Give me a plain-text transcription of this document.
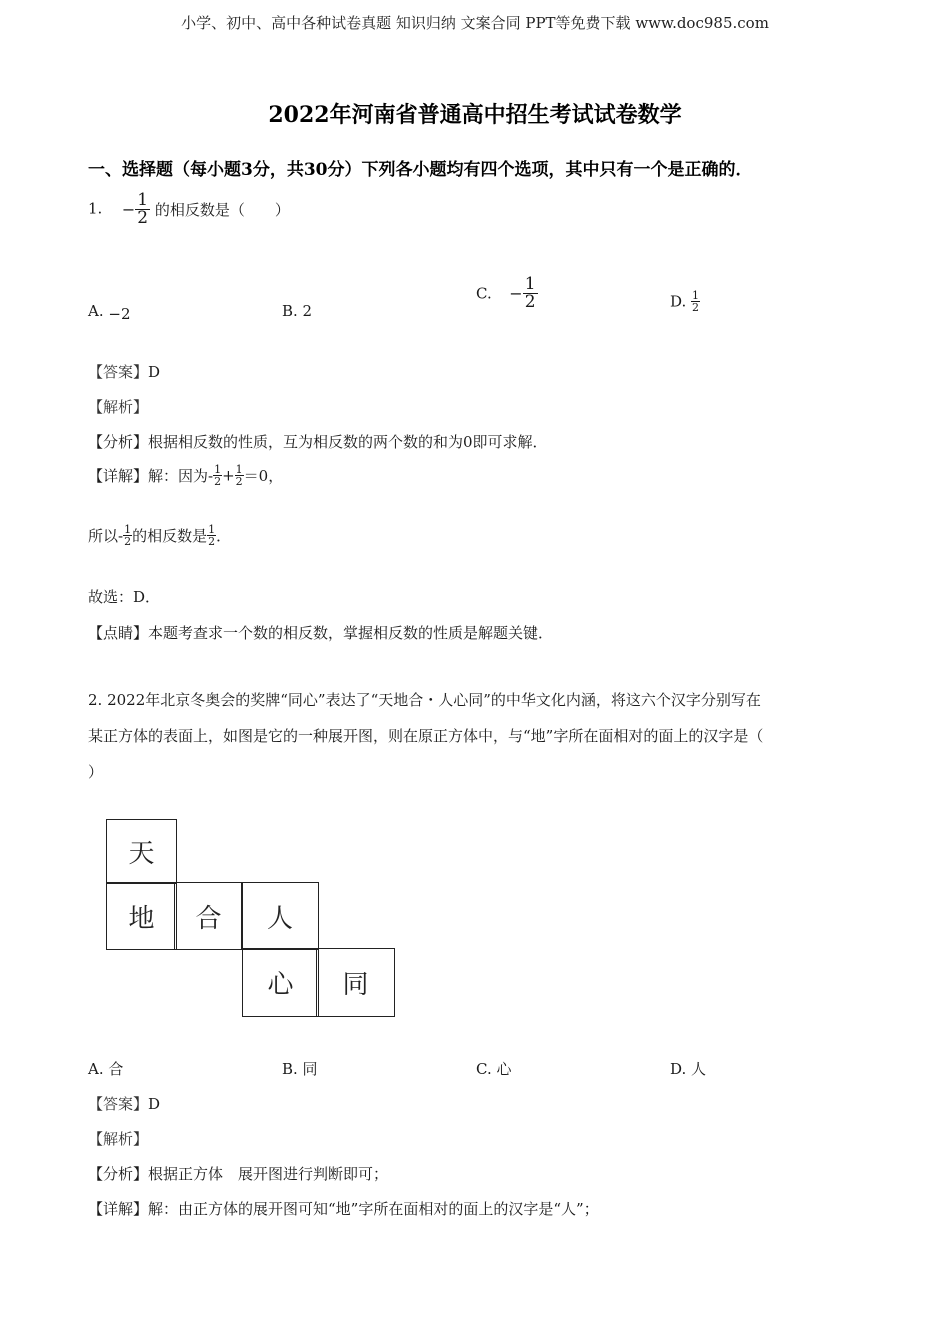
小学、初中、高中各种试卷真题 知识归纳 文案合同 PPT等免费下载 www.doc985.com
2022年河南省普通高中招生考试试卷数学
一、选择题（每小题3分，共30分）下列各小题均有四个选项，其中只有一个是正确的．
1. − $\frac{1}{2}$ 的相反数是（　　）
A. −2	B. 2
C. − $\frac{1}{2}$	D. $\frac{1}{2}$
【答案】D
【解析】
【分析】根据相反数的性质，互为相反数的两个数的和为0即可求解．
【详解】解：因为- $\frac{1}{2} + \frac{1}{2} =0$，
所以- $\frac{1}{2}$ 的相反数是 $\frac{1}{2}$ ．
故选：D．
【点睛】本题考查求一个数的相反数，掌握相反数的性质是解题关键．
2. 2022年北京冬奥会的奖牌“同心”表达了“天地合・人心同”的中华文化内涵，将这六个汉字分别写在
某正方体的表面上，如图是它的一种展开图，则在原正方体中，与“地”字所在面相对的面上的汉字是（
）
天
地	合	人
心	同
A. 合	B. 同	C. 心	D. 人
【答案】D
【解析】
【分析】根据正方体　展开图进行判断即可；
【详解】解：由正方体的展开图可知“地”字所在面相对的面上的汉字是“人”；
